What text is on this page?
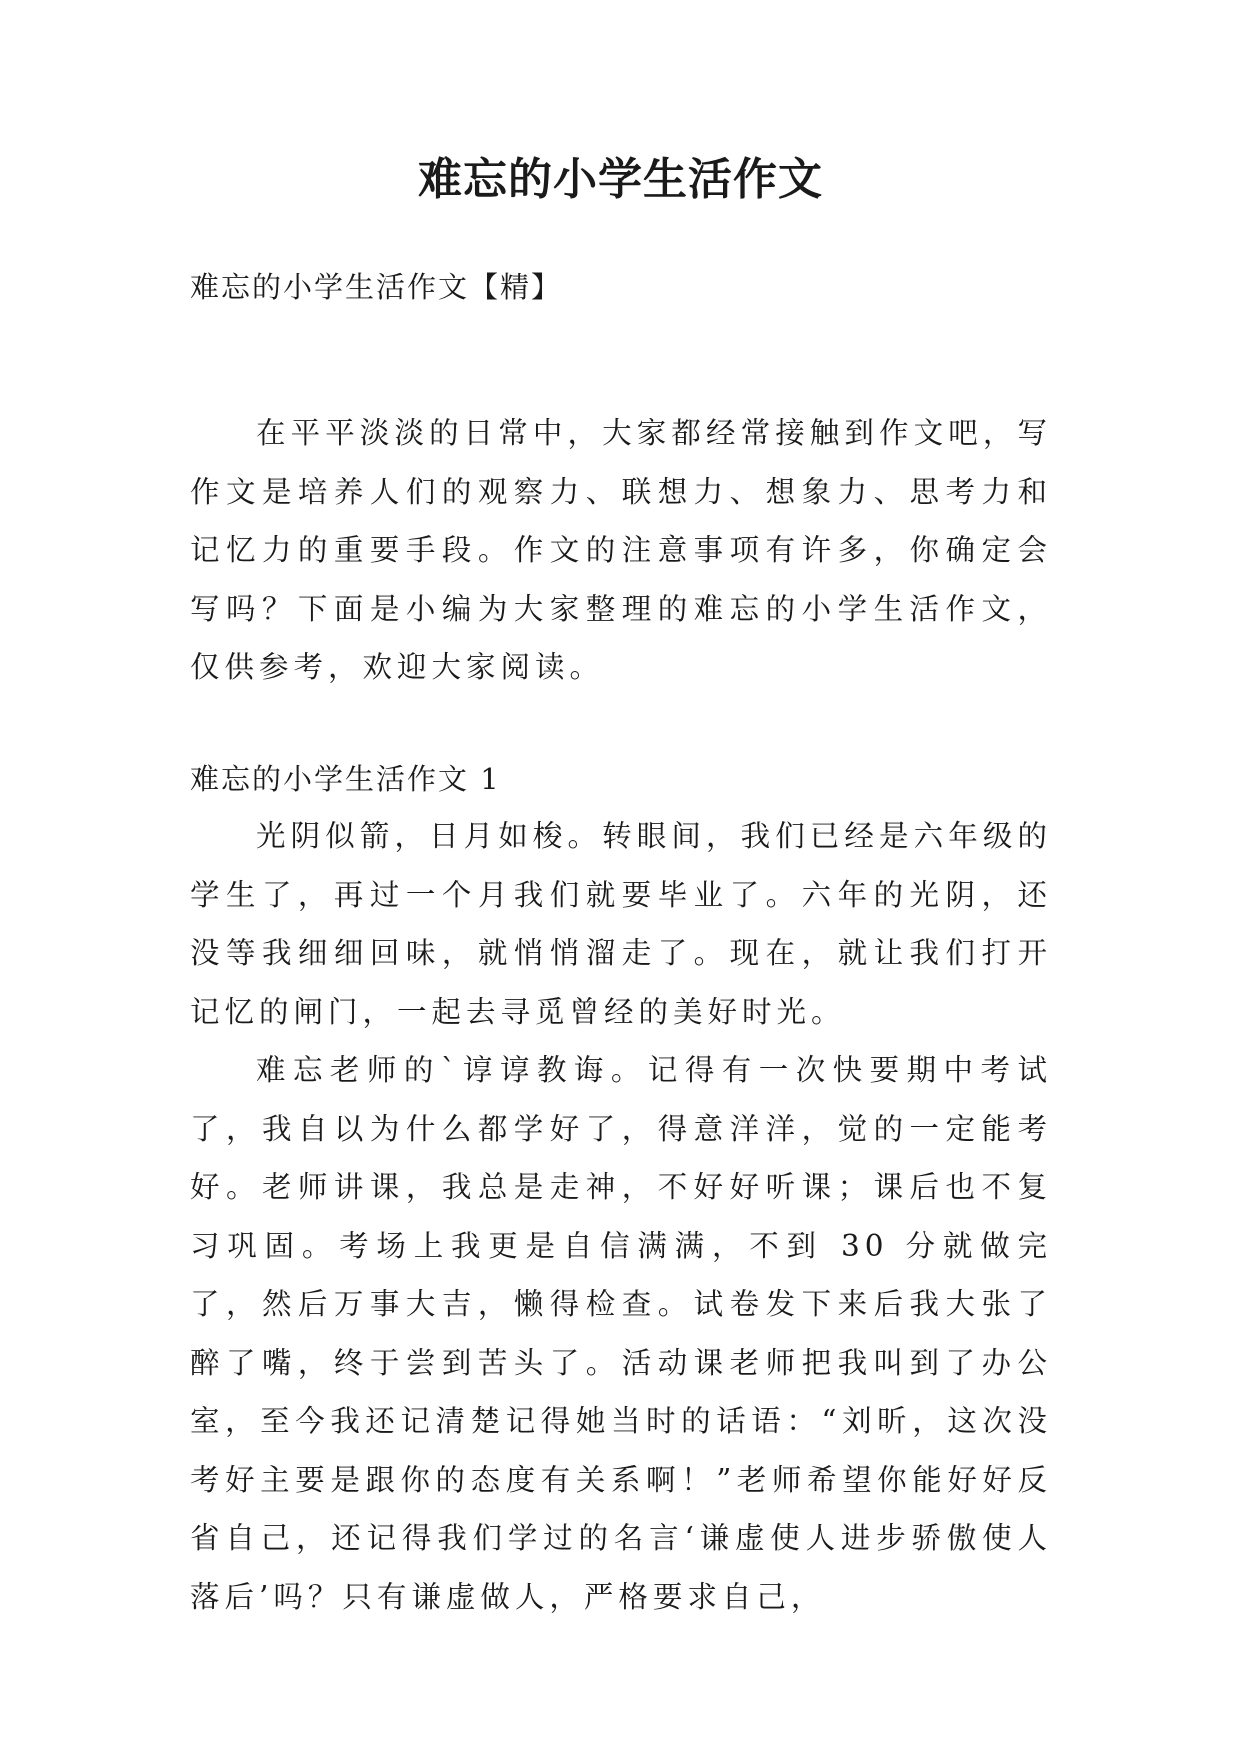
难忘的小学生活作文
难忘的小学生活作文【精】

在平平淡淡的日常中，大家都经常接触到作文吧，写作文是培养人们的观察力、联想力、想象力、思考力和记忆力的重要手段。作文的注意事项有许多，你确定会写吗？下面是小编为大家整理的难忘的小学生活作文，仅供参考，欢迎大家阅读。

难忘的小学生活作文 1

光阴似箭，日月如梭。转眼间，我们已经是六年级的学生了，再过一个月我们就要毕业了。六年的光阴，还没等我细细回味，就悄悄溜走了。现在，就让我们打开记忆的闸门，一起去寻觅曾经的美好时光。

难忘老师的`谆谆教诲。记得有一次快要期中考试了，我自以为什么都学好了，得意洋洋，觉的一定能考好。老师讲课，我总是走神，不好好听课；课后也不复习巩固。考场上我更是自信满满，不到 30 分就做完了，然后万事大吉，懒得检查。试卷发下来后我大张了醉了嘴，终于尝到苦头了。活动课老师把我叫到了办公室，至今我还记清楚记得她当时的话语：“刘昕，这次没考好主要是跟你的态度有关系啊！”老师希望你能好好反省自己，还记得我们学过的名言‘谦虚使人进步骄傲使人落后’吗？只有谦虚做人，严格要求自己，
